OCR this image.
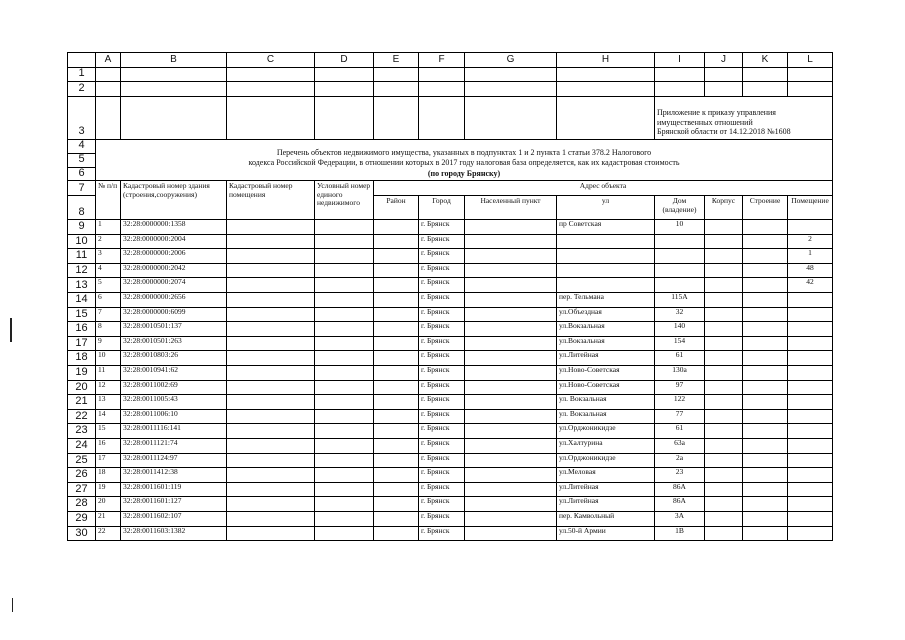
	A	B	C	D	E	F	G	H	I	J	K	L
1												
2												
3									Приложение к приказу управления
имущественных отношений
Брянской области от 14.12.2018 №1608			

4	Перечень объектов недвижимого имущества, указанных в подпунктах 1 и 2 пункта 1 статьи 378.2 Налогового
кодекса Российской Федерации, в отношении которых в 2017 году налоговая база определяется, как их кадастровая стоимость
(по городу Брянску)											

5												
6												
7	№ п/п	Кадастровый номер здания (строения,сооружения)	Кадастровый номер помещения	Условный номер единого недвижимого	Адрес объекта							
8					Район	Город	Населенный пункт	ул	Дом (владение)	Корпус	Строение	Помещение
9	1	32:28:0000000:1358				г. Брянск		пр Советская	10			
10	2	32:28:0000000:2004				г. Брянск						2
11	3	32:28:0000000:2006				г. Брянск						1
12	4	32:28:0000000:2042				г. Брянск						48
13	5	32:28:0000000:2074				г. Брянск						42
14	6	32:28:0000000:2656				г. Брянск		пер. Тельмана	115А			
15	7	32:28:0000000:6099				г. Брянск		ул.Объездная	32			
16	8	32:28:0010501:137				г. Брянск		ул.Вокзальная	140			
17	9	32:28:0010501:263				г. Брянск		ул.Вокзальная	154			
18	10	32:28:0010803:26				г. Брянск		ул.Литейная	61			
19	11	32:28:0010941:62				г. Брянск		ул.Ново-Советская	130а			
20	12	32:28:0011002:69				г. Брянск		ул.Ново-Советская	97			
21	13	32:28:0011005:43				г. Брянск		ул. Вокзальная	122			
22	14	32:28:0011006:10				г. Брянск		ул. Вокзальная	77			
23	15	32:28:0011116:141				г. Брянск		ул.Орджоникидзе	61			
24	16	32:28:0011121:74				г. Брянск		ул.Халтурина	63а			
25	17	32:28:0011124:97				г. Брянск		ул.Орджоникидзе	2а			
26	18	32:28:0011412:38				г. Брянск		ул.Меловая	23			
27	19	32:28:0011601:119				г. Брянск		ул.Литейная	86А			
28	20	32:28:0011601:127				г. Брянск		ул.Литейная	86А			
29	21	32:28:0011602:107				г. Брянск		пер. Камвольный	3А			
30	22	32:28:0011603:1382				г. Брянск		ул.50-й Армии	1В			
